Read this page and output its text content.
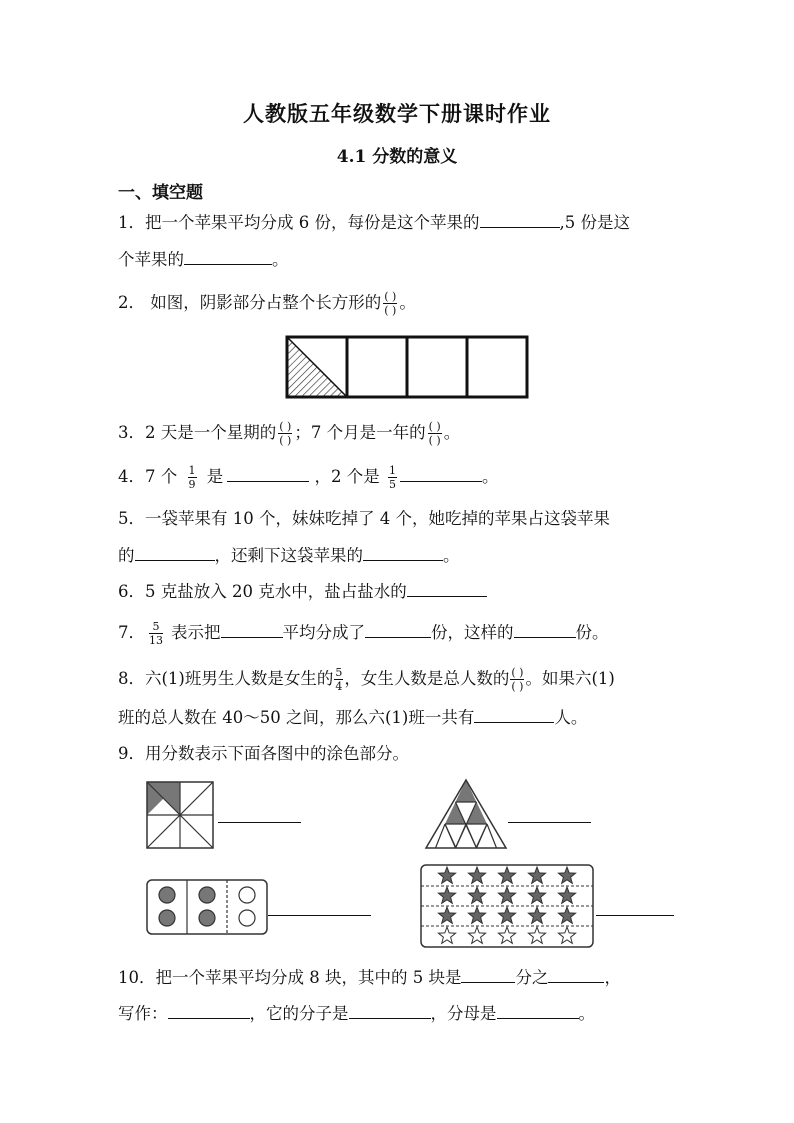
人教版五年级数学下册课时作业
4.1 分数的意义
一、填空题
1．把一个苹果平均分成 6 份，每份是这个苹果的	,5 份是这
个苹果的	。
2． 如图，阴影部分占整个长方形的 $\frac{( )}{( )}$ 。
3．2 天是一个星期的 $\frac{( )}{( )}$ ；7 个月是一年的 $\frac{( )}{( )}$ 。
4．7 个 $\frac{1}{9}$ 是	，2 个是 $\frac{1}{5}$	。
5．一袋苹果有 10 个，妹妹吃掉了 4 个，她吃掉的苹果占这袋苹果
的	，还剩下这袋苹果的	。
6．5 克盐放入 20 克水中，盐占盐水的
7． $\frac{5}{13}$ 表示把	平均分成了	份，这样的	份。
8．六(1)班男生人数是女生的 $\frac{5}{4}$ ，女生人数是总人数的 $\frac{( )}{( )}$ 。如果六(1)
班的总人数在 40～50 之间，那么六(1)班一共有	人。
9．用分数表示下面各图中的涂色部分。
10．把一个苹果平均分成 8 块，其中的 5 块是	分之	，
写作：	，它的分子是	，分母是	。
